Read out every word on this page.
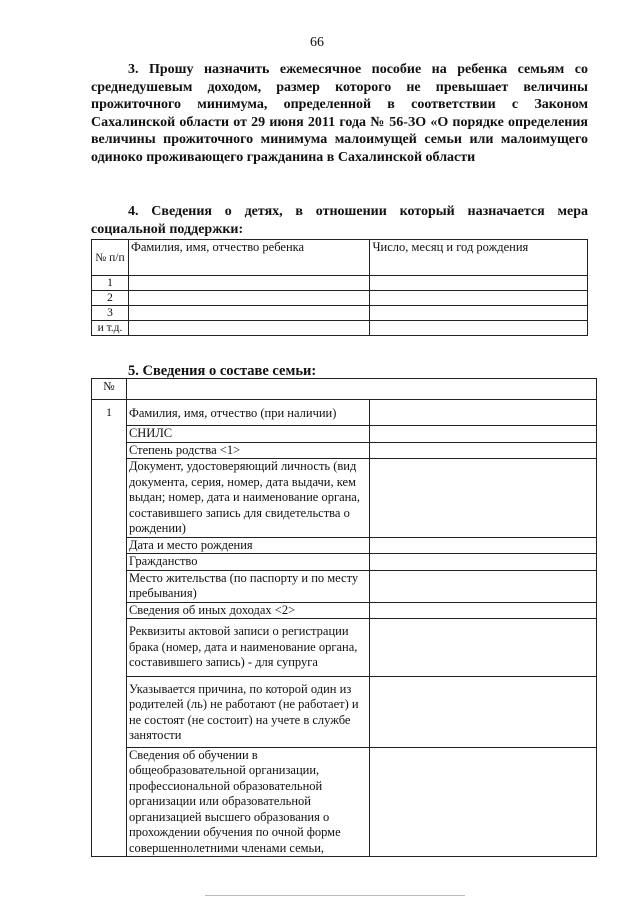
66
3. Прошу назначить ежемесячное пособие на ребенка семьям со среднедушевым доходом, размер которого не превышает величины прожиточного минимума, определенной в соответствии с Законом Сахалинской области от 29 июня 2011 года № 56-ЗО «О порядке определения величины прожиточного минимума малоимущей семьи или малоимущего одиноко проживающего гражданина в Сахалинской области
4. Сведения о детях, в отношении который назначается мера социальной поддержки:
№ п/п	Фамилия, имя, отчество ребенка	Число, месяц и год рождения
1		
2		
3		
и т.д.		
5. Сведения о составе семьи:
№		
1	Фамилия, имя, отчество (при наличии)	
	СНИЛС	
	Степень родства <1>	
	Документ, удостоверяющий личность (вид документа, серия, номер, дата выдачи, кем выдан; номер, дата и наименование органа, составившего запись для свидетельства о рождении)	
	Дата и место рождения	
	Гражданство	
	Место жительства (по паспорту и по месту пребывания)	
	Сведения об иных доходах <2>	
	Реквизиты актовой записи о регистрации брака (номер, дата и наименование органа, составившего запись) - для супруга	
	Указывается причина, по которой один из родителей (ль) не работают (не работает) и не состоят (не состоит) на учете в службе занятости	
	Сведения об обучении в общеобразовательной организации, профессиональной образовательной организации или образовательной организацией высшего образования о прохождении обучения по очной форме совершеннолетними членами семьи,	
